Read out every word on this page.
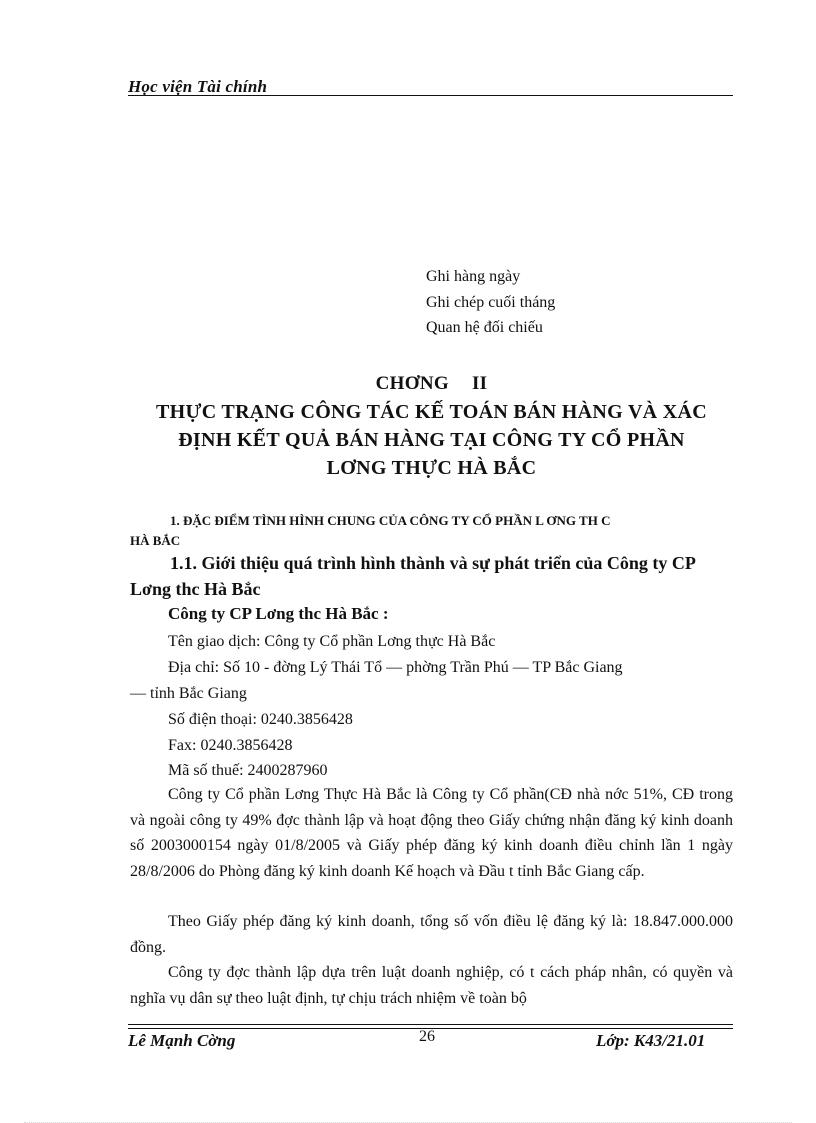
Học viện Tài chính
Ghi hàng ngày
Ghi chép cuối tháng
Quan hệ đối chiếu
CHƠNG II
THỰC TRẠNG CÔNG TÁC KẾ TOÁN BÁN HÀNG VÀ XÁC
ĐỊNH KẾT QUẢ BÁN HÀNG TẠI CÔNG TY CỔ PHẦN
LƠNG THỰC HÀ BẮC
1. ĐẶC ĐIỂM TÌNH HÌNH CHUNG CỦA CÔNG TY CỔ PHẦN L ƠNG TH C
HÀ BẮC
1.1. Giới thiệu quá trình hình thành và sự phát triển của Công ty CP
Lơng thc Hà Bắc
Công ty CP Lơng thc Hà Bắc :
Tên giao dịch: Công ty Cổ phần Lơng thực Hà Bắc
Địa chỉ: Số 10 - đờng Lý Thái Tổ — phờng Trần Phú — TP Bắc Giang
— tỉnh Bắc Giang
Số điện thoại: 0240.3856428
Fax: 0240.3856428
Mã số thuế: 2400287960
Công ty Cổ phần Lơng Thực Hà Bắc là Công ty Cổ phần(CĐ nhà nớc 51%, CĐ trong và ngoài công ty 49% đợc thành lập và hoạt động theo Giấy chứng nhận đăng ký kinh doanh số 2003000154 ngày 01/8/2005 và Giấy phép đăng ký kinh doanh điều chỉnh lần 1 ngày 28/8/2006 do Phòng đăng ký kinh doanh Kế hoạch và Đầu t tỉnh Bắc Giang cấp.
Theo Giấy phép đăng ký kinh doanh, tổng số vốn điều lệ đăng ký là: 18.847.000.000 đồng.
Công ty đợc thành lập dựa trên luật doanh nghiệp, có t cách pháp nhân, có quyền và nghĩa vụ dân sự theo luật định, tự chịu trách nhiệm về toàn bộ
Lê Mạnh Cờng	26	Lớp: K43/21.01
